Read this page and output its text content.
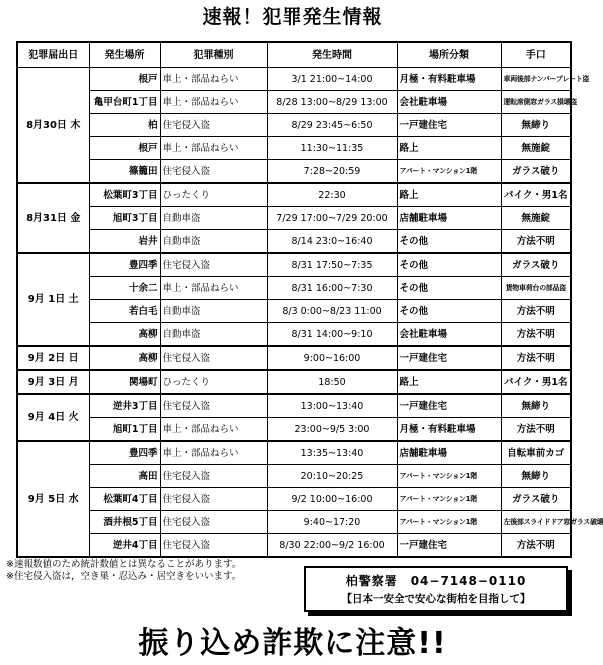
速報！犯罪発生情報
犯罪届出日	発生場所	犯罪種別	発生時間	場所分類	手口
8月30日 木	根戸	車上・部品ねらい	3/1 21:00~14:00	月極・有料駐車場	車両後部ナンバープレート盗
	亀甲台町1丁目	車上・部品ねらい	8/28 13:00~8/29 13:00	会社駐車場	運転席側窓ガラス損壊盗
	柏	住宅侵入盗	8/29 23:45~6:50	一戸建住宅	無締り
	根戸	車上・部品ねらい	11:30~11:35	路上	無施錠
	篠籠田	住宅侵入盗	7:28~20:59	アパート・マンション1階	ガラス破り
8月31日 金	松葉町3丁目	ひったくり	22:30	路上	バイク・男1名
	旭町3丁目	自動車盗	7/29 17:00~7/29 20:00	店舗駐車場	無施錠
	岩井	自動車盗	8/14 23:0~16:40	その他	方法不明
9月 1日 土	豊四季	住宅侵入盗	8/31 17:50~7:35	その他	ガラス破り
	十余二	車上・部品ねらい	8/31 16:00~7:30	その他	貨物車荷台の部品盗
	若白毛	自動車盗	8/3 0:00~8/23 11:00	その他	方法不明
	高柳	自動車盗	8/31 14:00~9:10	会社駐車場	方法不明
9月 2日 日	高柳	住宅侵入盗	9:00~16:00	一戸建住宅	方法不明
9月 3日 月	関場町	ひったくり	18:50	路上	バイク・男1名
9月 4日 火	逆井3丁目	住宅侵入盗	13:00~13:40	一戸建住宅	無締り
	旭町1丁目	車上・部品ねらい	23:00~9/5 3:00	月極・有料駐車場	方法不明
9月 5日 水	豊四季	車上・部品ねらい	13:35~13:40	店舗駐車場	自転車前カゴ
	高田	住宅侵入盗	20:10~20:25	アパート・マンション1階	無締り
	松葉町4丁目	住宅侵入盗	9/2 10:00~16:00	アパート・マンション1階	ガラス破り
	酒井根5丁目	住宅侵入盗	9:40~17:20	アパート・マンション1階	左後部スライドドア窓ガラス破壊
	逆井4丁目	住宅侵入盗	8/30 22:00~9/2 16:00	一戸建住宅	方法不明
※速報数値のため統計数値とは異なることがあります。
※住宅侵入盗は，空き巣・忍込み・居空きをいいます。	柏警察署　04−7148−0110
【日本一安全で安心な街柏を目指して】
振り込め詐欺に注意!!
